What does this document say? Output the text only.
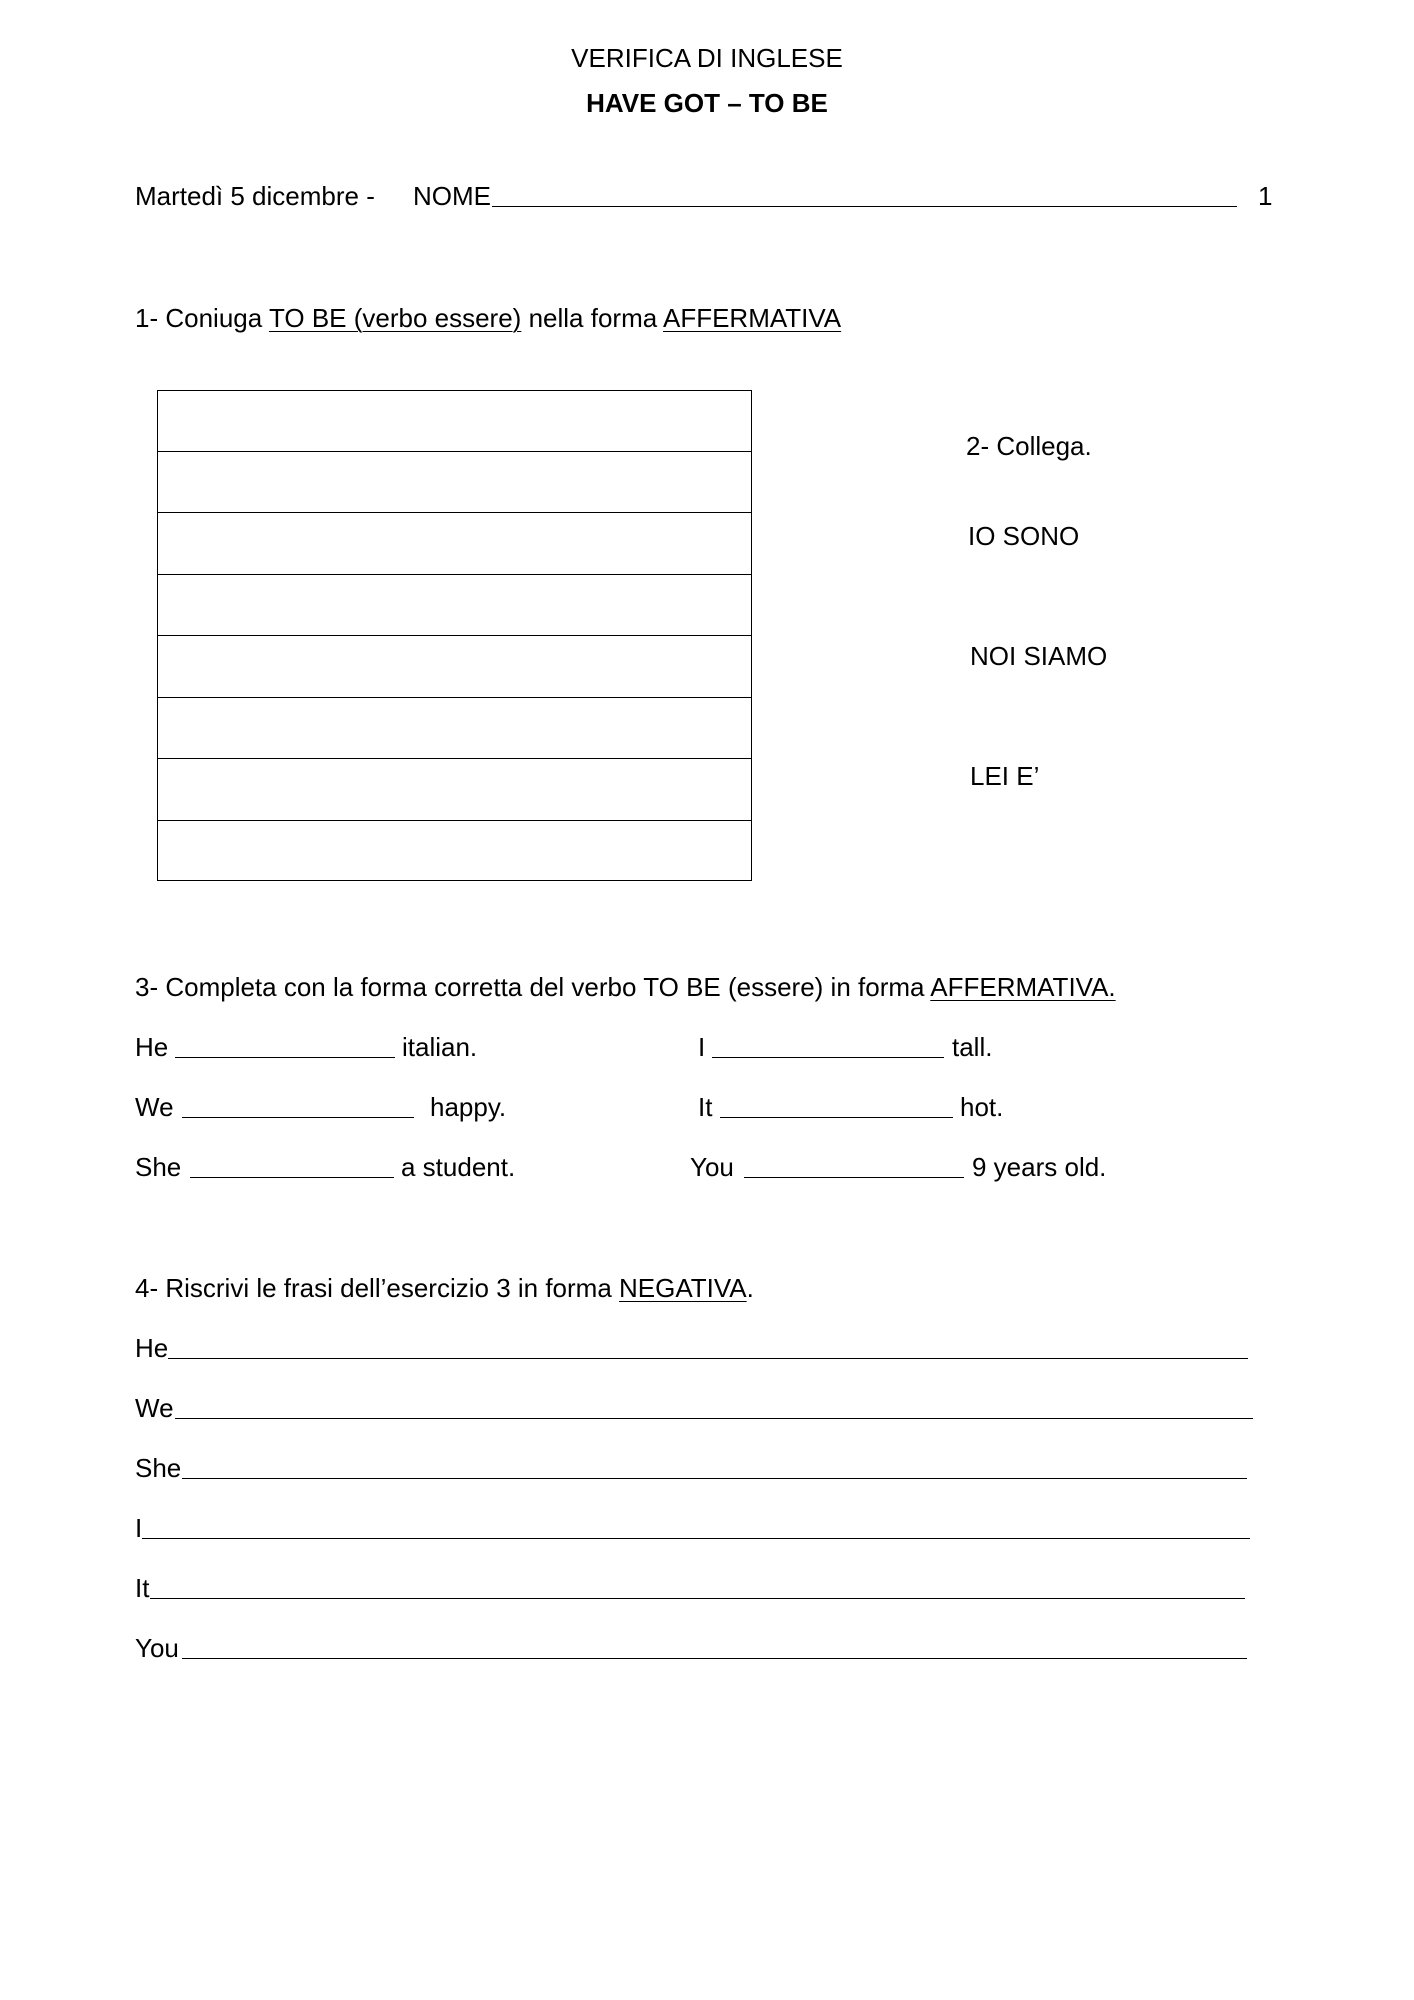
VERIFICA DI INGLESE
HAVE GOT – TO BE
Martedì 5 dicembre - NOME	1
1- Coniuga TO BE (verbo essere) nella forma AFFERMATIVA
2- Collega.
IO SONO
NOI SIAMO
LEI E’
3- Completa con la forma corretta del verbo TO BE (essere) in forma AFFERMATIVA.
He	italian.
We	happy.
She	a student.
I	tall.
It	hot.
You	9 years old.
4- Riscrivi le frasi dell’esercizio 3 in forma NEGATIVA.
He
We
She
I
It
You
